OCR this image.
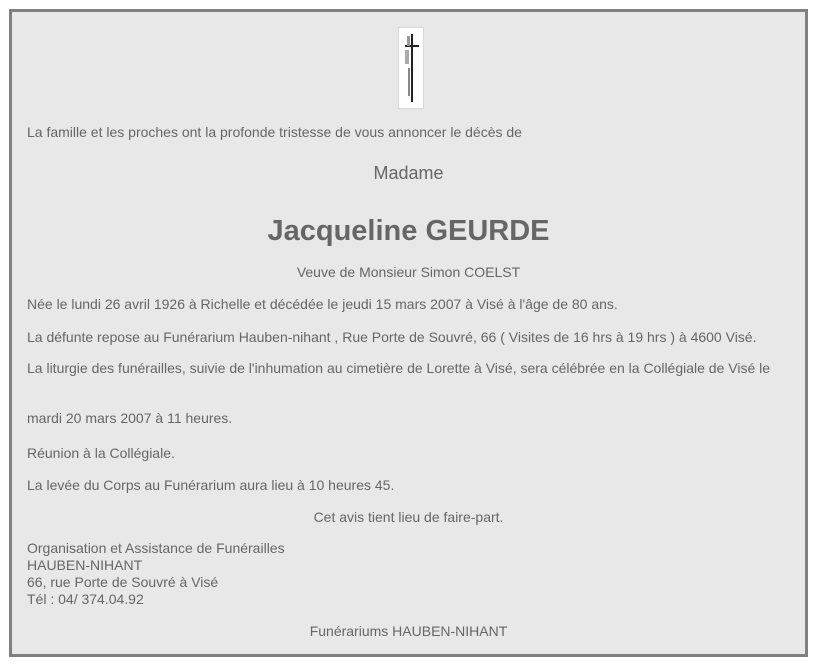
La famille et les proches ont la profonde tristesse de vous annoncer le décès de
Madame
Jacqueline GEURDE
Veuve de Monsieur Simon COELST
Née le lundi 26 avril 1926 à Richelle et décédée le jeudi 15 mars 2007 à Visé à l'âge de 80 ans.
La défunte repose au Funérarium Hauben-nihant , Rue Porte de Souvré, 66 ( Visites de 16 hrs à 19 hrs ) à 4600 Visé.
La liturgie des funérailles, suivie de l'inhumation au cimetière de Lorette à Visé, sera célébrée en la Collégiale de Visé le
mardi 20 mars 2007 à 11 heures.
Réunion à la Collégiale.
La levée du Corps au Funérarium aura lieu à 10 heures 45.
Cet avis tient lieu de faire-part.
Organisation et Assistance de Funérailles
HAUBEN-NIHANT
66, rue Porte de Souvré à Visé
Tél : 04/ 374.04.92
Funérariums HAUBEN-NIHANT
